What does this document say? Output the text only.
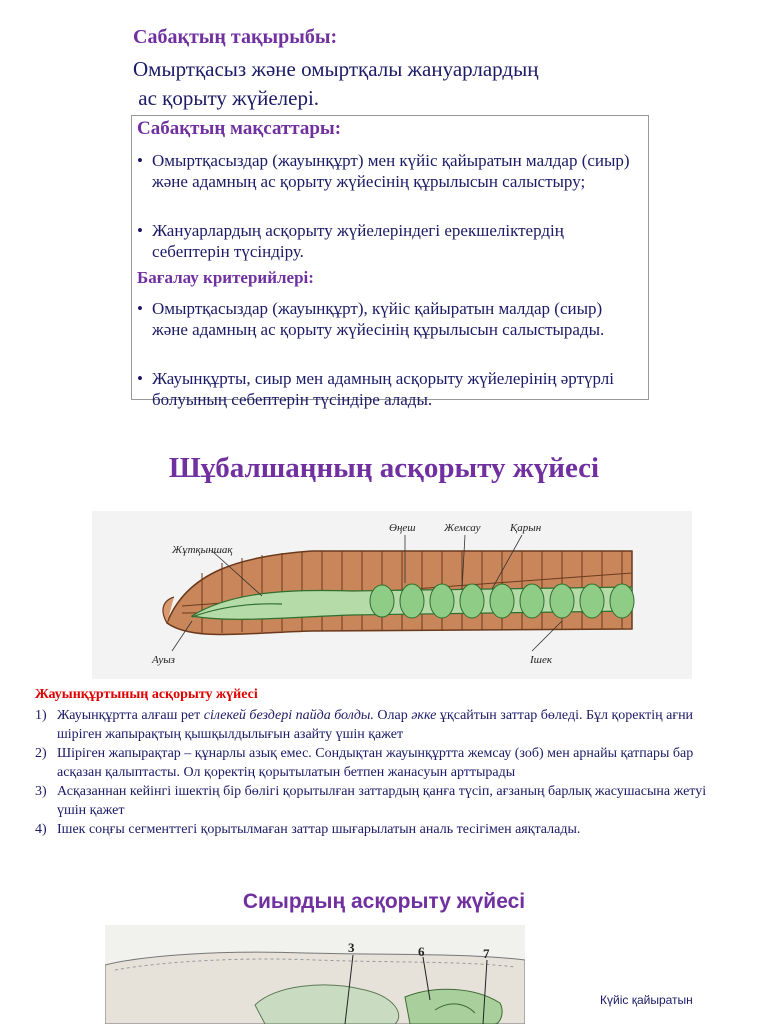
Сабақтың тақырыбы:
Омыртқасыз және омыртқалы жануарлардың
ас қорыту жүйелері.
Сабақтың мақсаттары:
• Омыртқасыздар (жауынқұрт) мен күйіс қайыратын малдар (сиыр) және адамның ас қорыту жүйесінің құрылысын салыстыру;
• Жануарлардың асқорыту жүйелеріндегі ерекшеліктердің себептерін түсіндіру.
Бағалау критерийлері:
• Омыртқасыздар (жауынқұрт), күйіс қайыратын малдар (сиыр) және адамның ас қорыту жүйесінің құрылысын салыстырады.
• Жауынқұрты, сиыр мен адамның асқорыту жүйелерінің әртүрлі болуының себептерін түсіндіре алады.
Шұбалшаңның асқорыту жүйесі
Жұтқыншақ
Өңеш	Жемсау	Қарын
Ауыз	Ішек
Жауынқұртының асқорыту жүйесі
1) Жауынқұртта алғаш рет сілекей бездері пайда болды. Олар әкке ұқсайтын заттар бөледі. Бұл қоректің ағни шіріген жапырақтың қышқылдылығын азайту үшін қажет
2) Шіріген жапырақтар – құнарлы азық емес. Сондықтан жауынқұртта жемсау (зоб) мен арнайы қатпары бар асқазан қалыптасты. Ол қоректің қорытылатын бетпен жанасуын арттырады
3) Асқазаннан кейінгі ішектің бір бөлігі қорытылған заттардың қанға түсіп, ағзаның барлық жасушасына жетуі үшін қажет
4) Ішек соңғы сегменттегі қорытылмаған заттар шығарылатын аналь тесігімен аяқталады.
Сиырдың асқорыту жүйесі
3	6	7
Күйіс қайыратын
